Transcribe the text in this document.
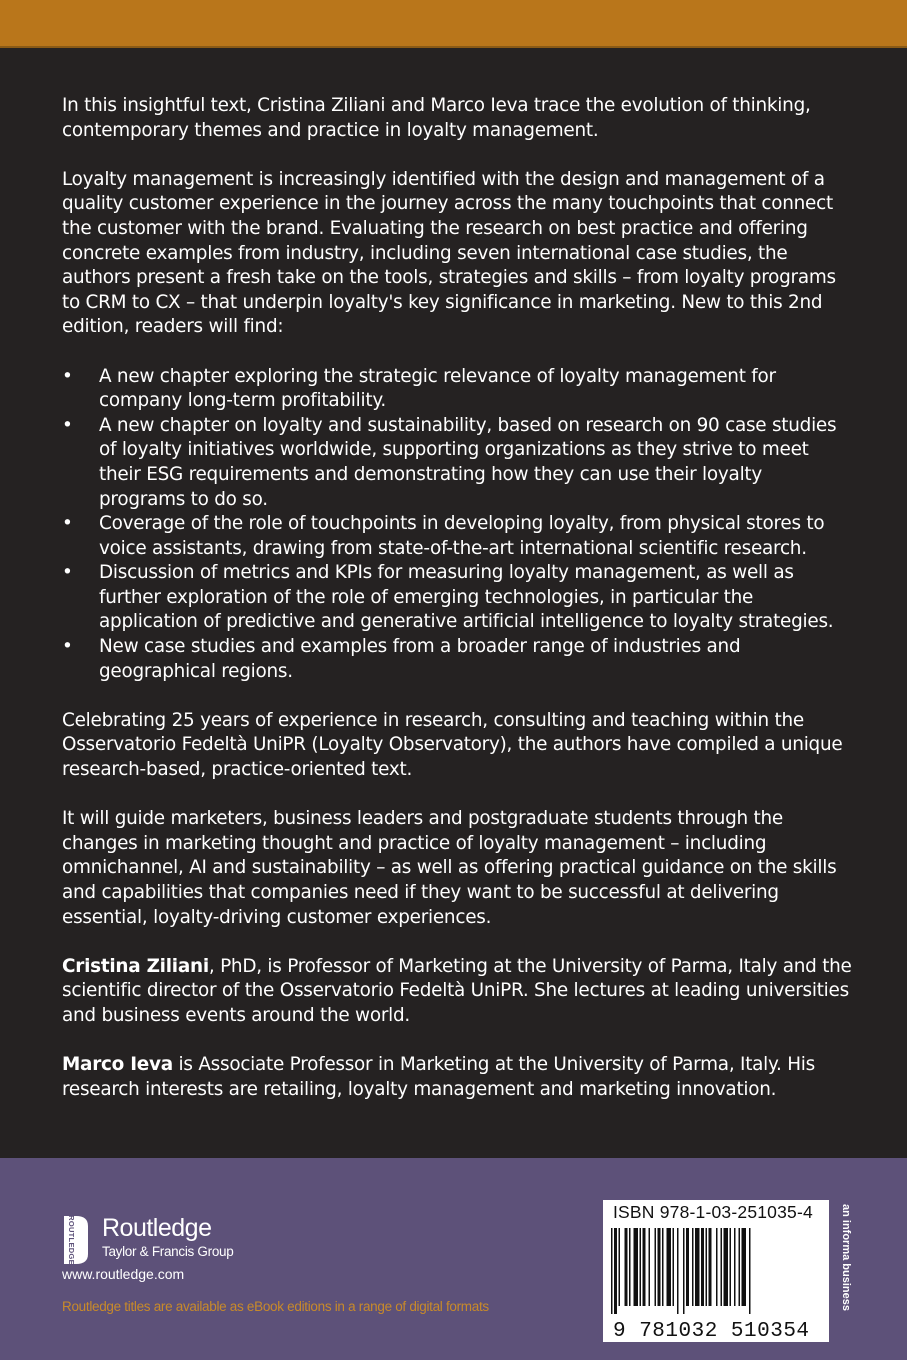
In this insightful text, Cristina Ziliani and Marco Ieva trace the evolution of thinking, contemporary themes and practice in loyalty management.

Loyalty management is increasingly identified with the design and management of a quality customer experience in the journey across the many touchpoints that connect the customer with the brand. Evaluating the research on best practice and offering concrete examples from industry, including seven international case studies, the authors present a fresh take on the tools, strategies and skills – from loyalty programs to CRM to CX – that underpin loyalty's key significance in marketing. New to this 2nd edition, readers will find:

• A new chapter exploring the strategic relevance of loyalty management for company long-term profitability.
• A new chapter on loyalty and sustainability, based on research on 90 case studies of loyalty initiatives worldwide, supporting organizations as they strive to meet their ESG requirements and demonstrating how they can use their loyalty programs to do so.
• Coverage of the role of touchpoints in developing loyalty, from physical stores to voice assistants, drawing from state-of-the-art international scientific research.
• Discussion of metrics and KPIs for measuring loyalty management, as well as further exploration of the role of emerging technologies, in particular the application of predictive and generative artificial intelligence to loyalty strategies.
• New case studies and examples from a broader range of industries and geographical regions.

Celebrating 25 years of experience in research, consulting and teaching within the Osservatorio Fedeltà UniPR (Loyalty Observatory), the authors have compiled a unique research-based, practice-oriented text.

It will guide marketers, business leaders and postgraduate students through the changes in marketing thought and practice of loyalty management – including omnichannel, AI and sustainability – as well as offering practical guidance on the skills and capabilities that companies need if they want to be successful at delivering essential, loyalty-driving customer experiences.

Cristina Ziliani, PhD, is Professor of Marketing at the University of Parma, Italy and the scientific director of the Osservatorio Fedeltà UniPR. She lectures at leading universities and business events around the world.

Marco Ieva is Associate Professor in Marketing at the University of Parma, Italy. His research interests are retailing, loyalty management and marketing innovation.

ROUTLEDGE Routledge
Taylor & Francis Group
www.routledge.com
Routledge titles are available as eBook editions in a range of digital formats
ISBN 978-1-03-251035-4
9 781032 510354
an informa business
